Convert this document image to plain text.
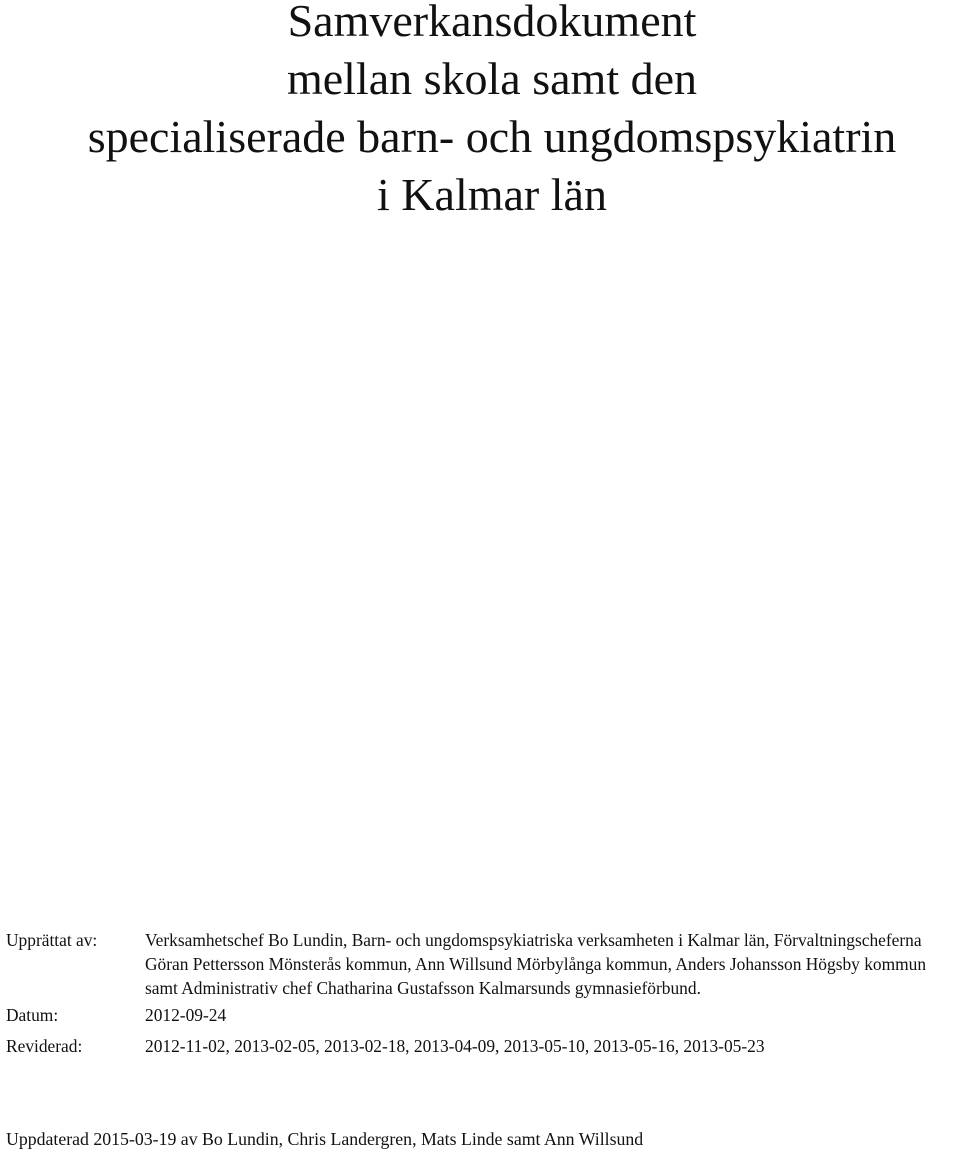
Samverkansdokument
mellan skola samt den
specialiserade barn- och ungdomspsykiatrin
i Kalmar län
Upprättat av:	Verksamhetschef Bo Lundin, Barn- och ungdomspsykiatriska verksamheten i Kalmar län, Förvaltningscheferna Göran Pettersson Mönsterås kommun, Ann Willsund Mörbylånga kommun, Anders Johansson Högsby kommun samt Administrativ chef Chatharina Gustafsson Kalmarsunds gymnasieförbund.
Datum:	2012-09-24
Reviderad:	2012-11-02, 2013-02-05, 2013-02-18, 2013-04-09, 2013-05-10, 2013-05-16, 2013-05-23
Uppdaterad 2015-03-19 av Bo Lundin, Chris Landergren, Mats Linde samt Ann Willsund
